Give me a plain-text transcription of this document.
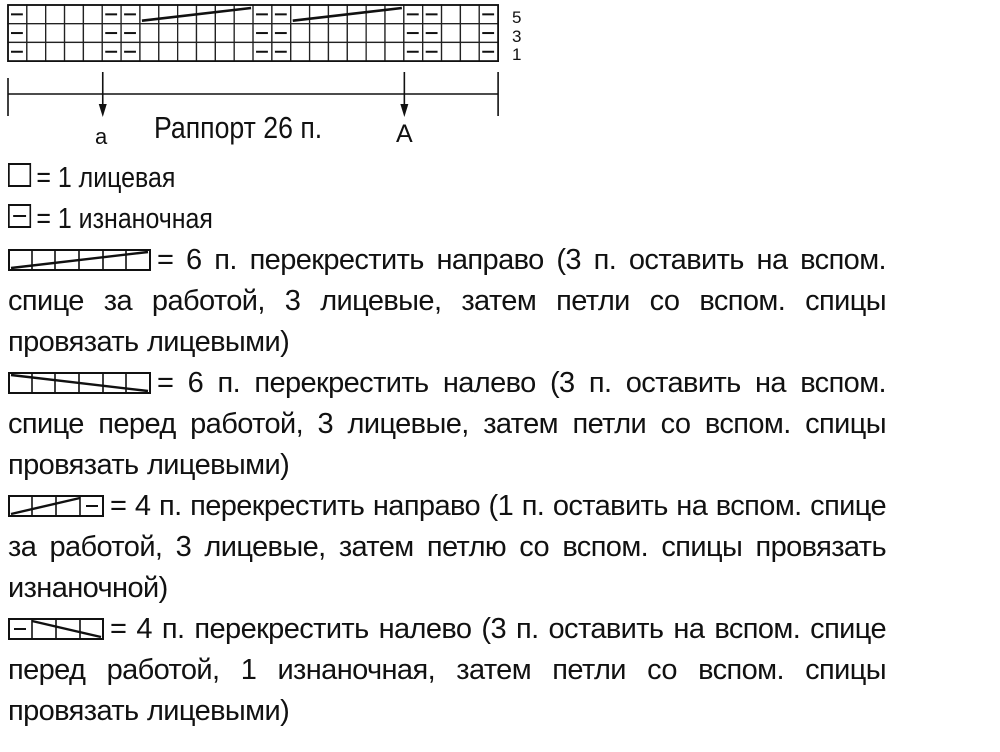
5
3
1
a Раппорт 26 п.	A
= 1 лицевая
= 1 изнаночная
= 6 п. перекрестить направо (3 п. оставить на вспом. спице за работой, 3 лицевые, затем петли со вспом. спицы провязать лицевыми)
= 6 п. перекрестить налево (3 п. оставить на вспом. спице перед работой, 3 лицевые, затем петли со вспом. спицы провязать лицевыми)
= 4 п. перекрестить направо (1 п. оставить на вспом. спице за работой, 3 лицевые, затем петлю со вспом. спицы провязать изнаночной)
= 4 п. перекрестить налево (3 п. оставить на вспом. спице перед работой, 1 изнаночная, затем петли со вспом. спицы провязать лицевыми)
